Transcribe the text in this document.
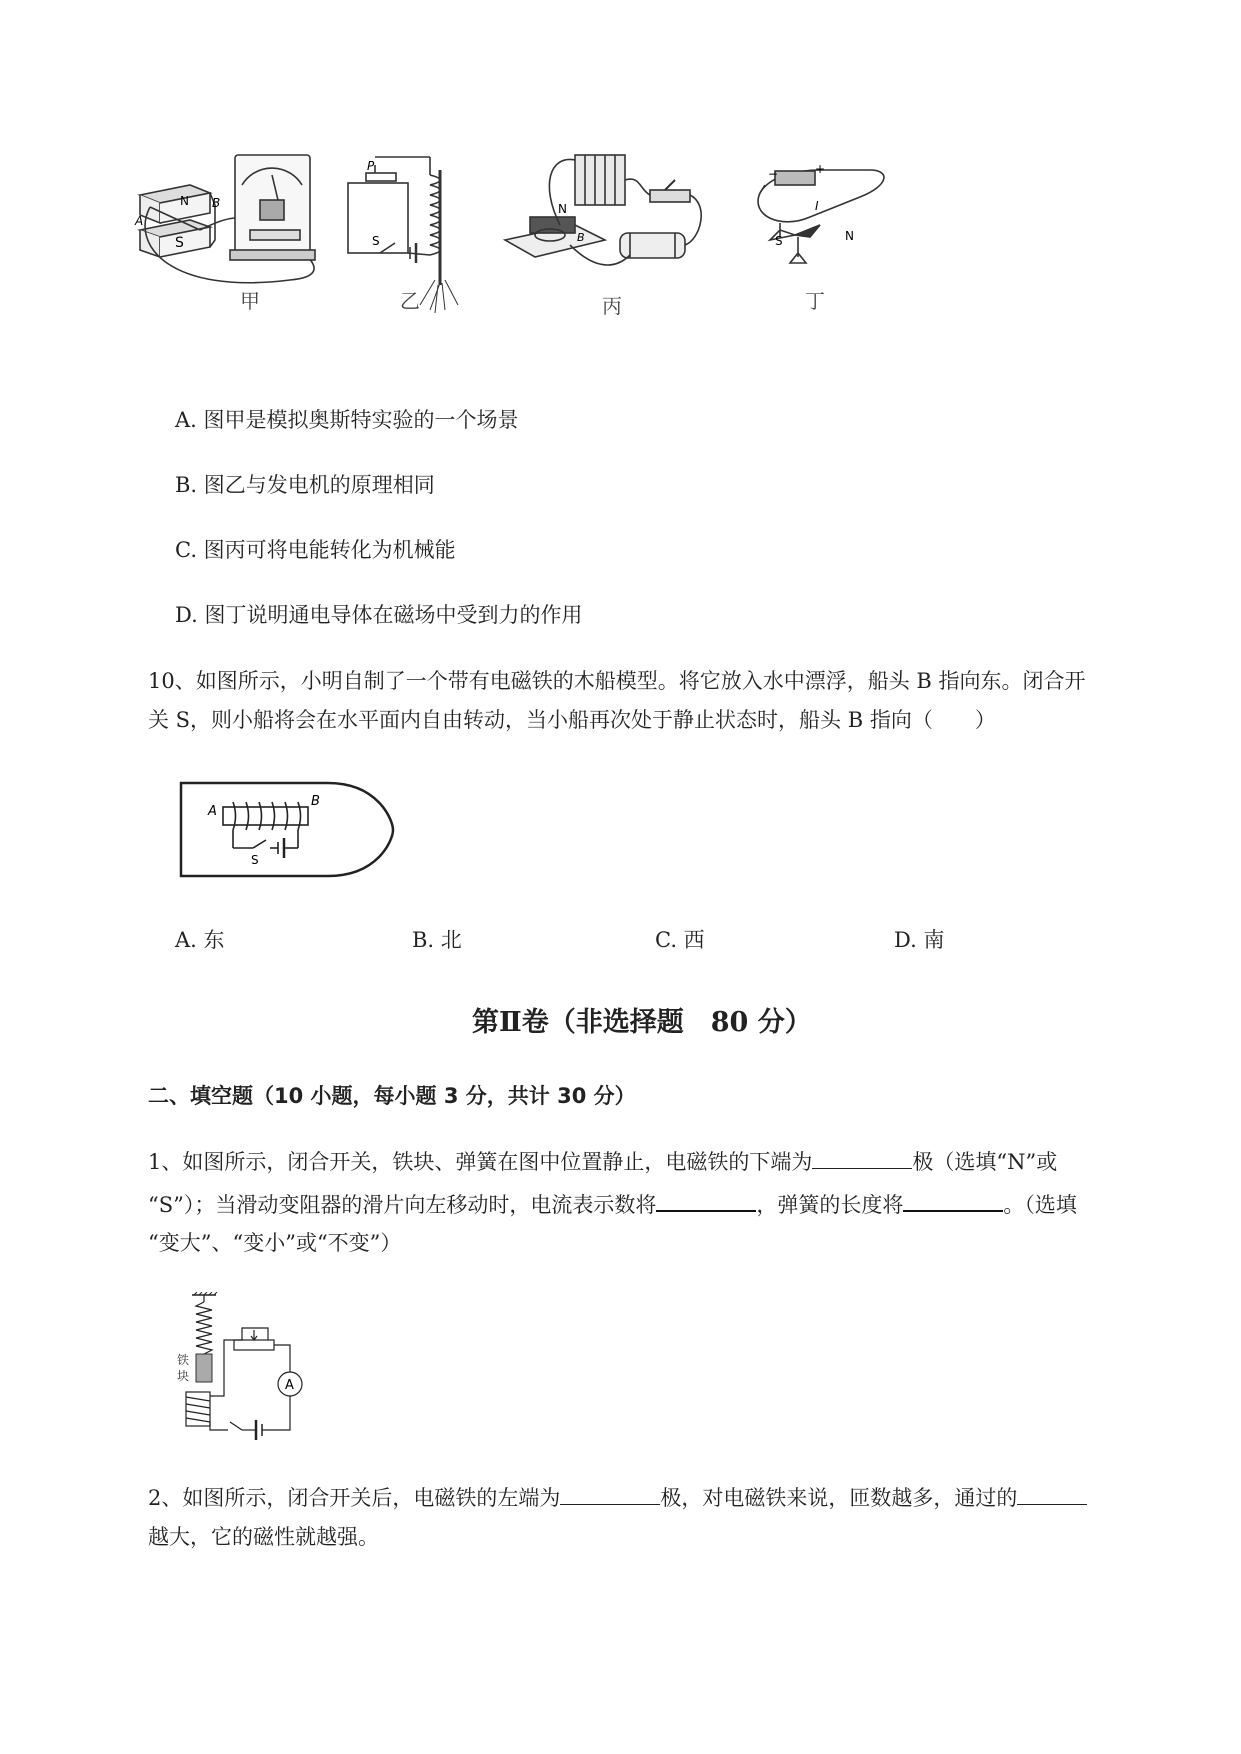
N
S
A
B
P
S
N
B
−	+
I
S	N
甲	乙	丙	丁
A. 图甲是模拟奥斯特实验的一个场景
B. 图乙与发电机的原理相同
C. 图丙可将电能转化为机械能
D. 图丁说明通电导体在磁场中受到力的作用
10、如图所示，小明自制了一个带有电磁铁的木船模型。将它放入水中漂浮，船头 B 指向东。闭合开
关 S，则小船将会在水平面内自由转动，当小船再次处于静止状态时，船头 B 指向（　　）
A
B
S
A. 东	B. 北	C. 西	D. 南
第Ⅱ卷（非选择题　80 分）
二、填空题（10 小题，每小题 3 分，共计 30 分）
1、如图所示，闭合开关，铁块、弹簧在图中位置静止，电磁铁的下端为	极（选填“N”或
“S”）；当滑动变阻器的滑片向左移动时，电流表示数将	，弹簧的长度将	。（选填
“变大”、“变小”或“不变”）
铁
块
A
2、如图所示，闭合开关后，电磁铁的左端为	极，对电磁铁来说，匝数越多，通过的
越大，它的磁性就越强。
